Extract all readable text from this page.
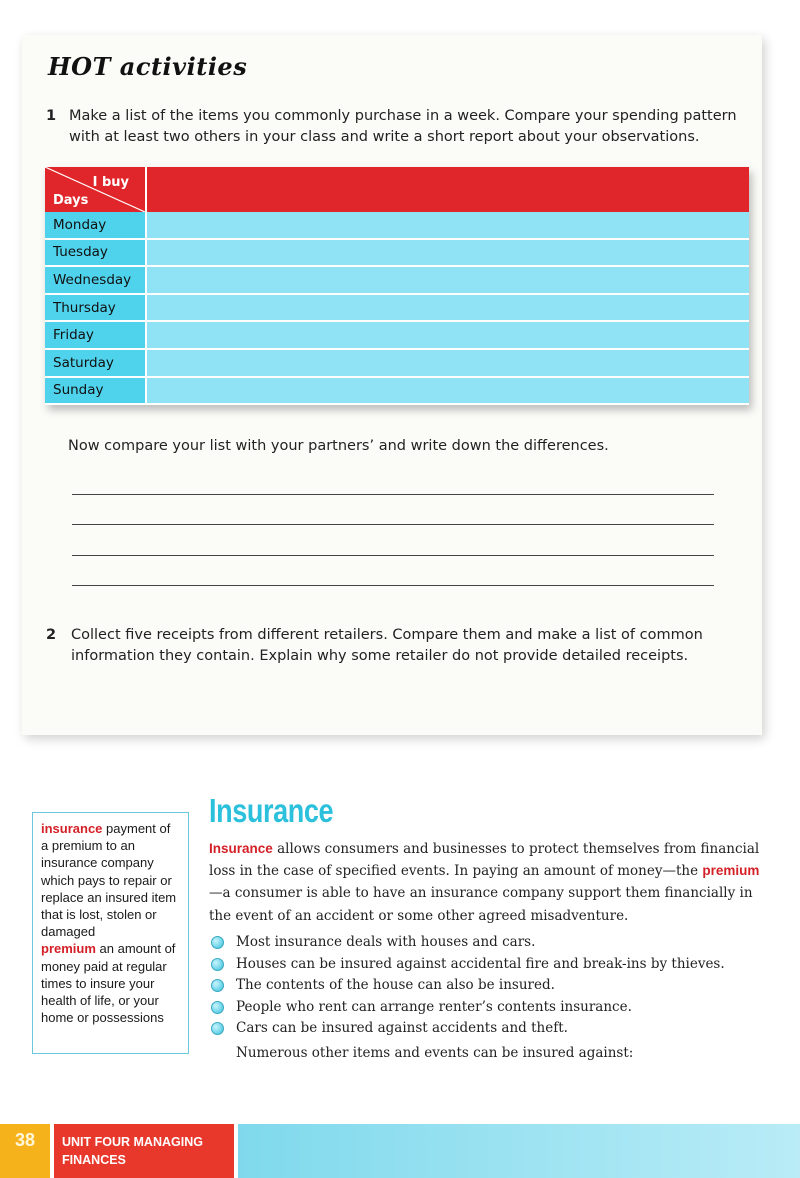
HOT activities
1 Make a list of the items you commonly purchase in a week. Compare your spending pattern with at least two others in your class and write a short report about your observations.
I buy
Days	

Monday	
Tuesday	
Wednesday	
Thursday	
Friday	
Saturday	
Sunday	
Now compare your list with your partners’ and write down the differences.
2 Collect five receipts from different retailers. Compare them and make a list of common information they contain. Explain why some retailer do not provide detailed receipts.
insurance payment of a premium to an insurance company which pays to repair or replace an insured item that is lost, stolen or damaged
premium an amount of money paid at regular times to insure your health of life, or your home or possessions
Insurance
Insurance allows consumers and businesses to protect themselves from financial loss in the case of specified events. In paying an amount of money—the premium—a consumer is able to have an insurance company support them financially in the event of an accident or some other agreed misadventure.
Most insurance deals with houses and cars.
Houses can be insured against accidental fire and break-ins by thieves.
The contents of the house can also be insured.
People who rent can arrange renter’s contents insurance.
Cars can be insured against accidents and theft.
Numerous other items and events can be insured against:
38	UNIT FOUR MANAGING
FINANCES
